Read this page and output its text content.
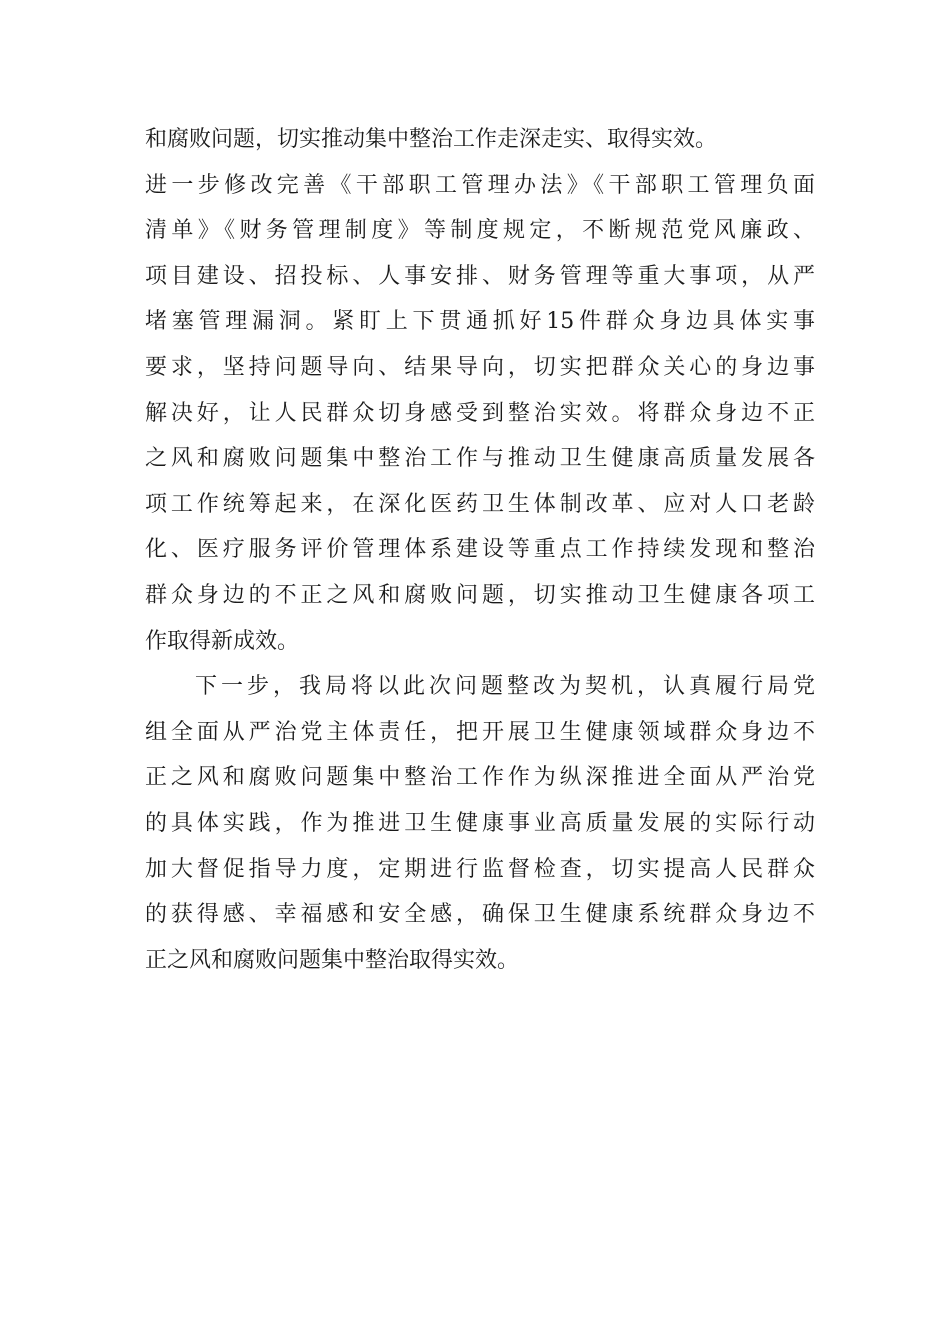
和腐败问题，切实推动集中整治工作走深走实、取得实效。
进一步修改完善《干部职工管理办法》《干部职工管理负面
清单》《财务管理制度》等制度规定，不断规范党风廉政、
项目建设、招投标、人事安排、财务管理等重大事项，从严
堵塞管理漏洞。紧盯上下贯通抓好15件群众身边具体实事
要求，坚持问题导向、结果导向，切实把群众关心的身边事
解决好，让人民群众切身感受到整治实效。将群众身边不正
之风和腐败问题集中整治工作与推动卫生健康高质量发展各
项工作统筹起来，在深化医药卫生体制改革、应对人口老龄
化、医疗服务评价管理体系建设等重点工作持续发现和整治
群众身边的不正之风和腐败问题，切实推动卫生健康各项工
作取得新成效。
下一步，我局将以此次问题整改为契机，认真履行局党
组全面从严治党主体责任，把开展卫生健康领域群众身边不
正之风和腐败问题集中整治工作作为纵深推进全面从严治党
的具体实践，作为推进卫生健康事业高质量发展的实际行动
加大督促指导力度，定期进行监督检查，切实提高人民群众
的获得感、幸福感和安全感，确保卫生健康系统群众身边不
正之风和腐败问题集中整治取得实效。
